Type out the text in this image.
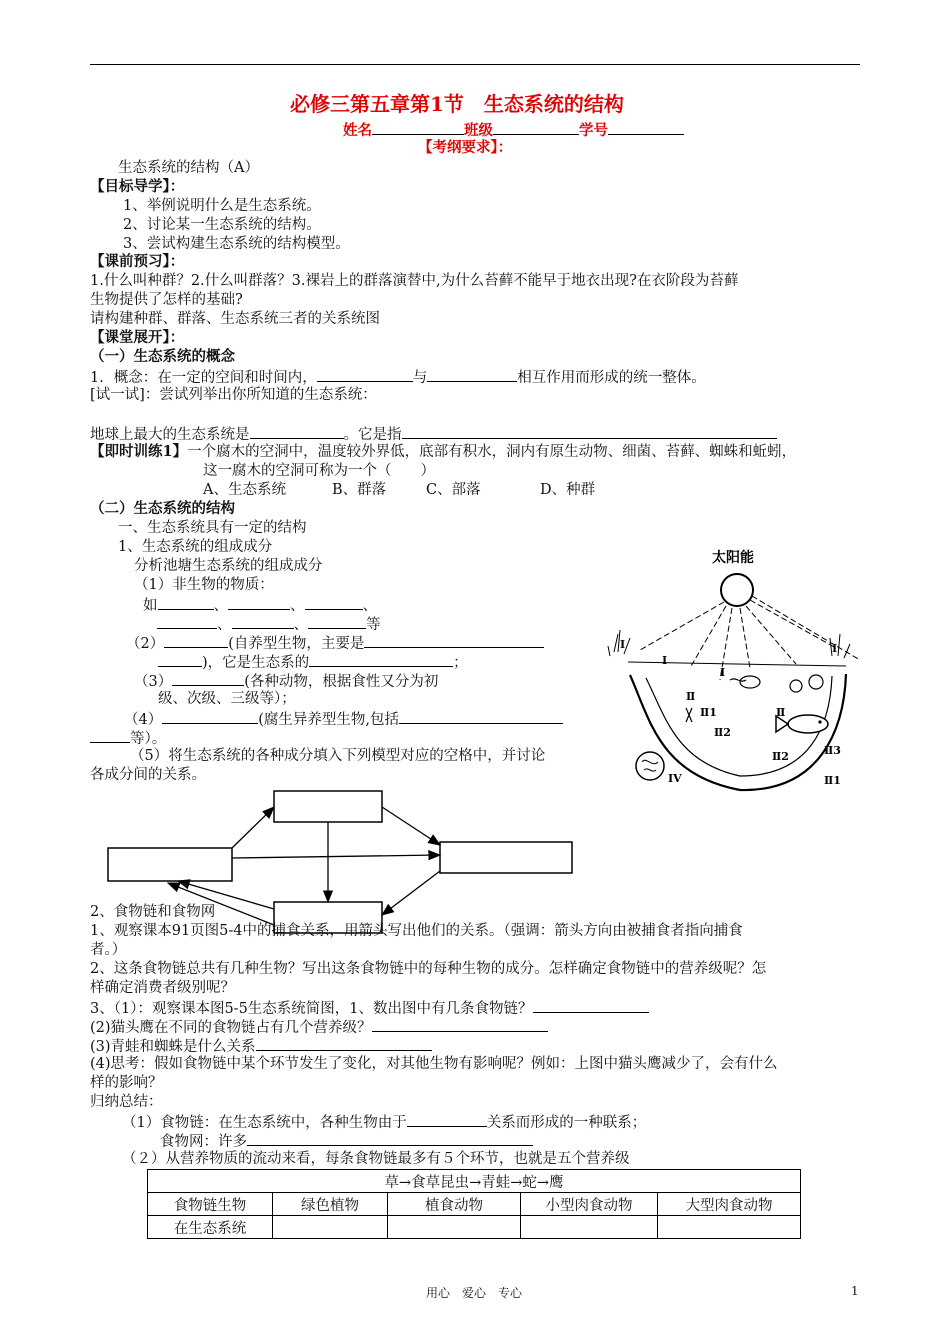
必修三第五章第1节　生态系统的结构
姓名	班级	学号
【考纲要求】：
生态系统的结构（A）
【目标导学】：
1、举例说明什么是生态系统。
2、讨论某一生态系统的结构。
3、尝试构建生态系统的结构模型。
【课前预习】：
1.什么叫种群？2.什么叫群落？3.裸岩上的群落演替中,为什么苔藓不能早于地衣出现?在衣阶段为苔藓
生物提供了怎样的基础?
请构建种群、群落、生态系统三者的关系统图
【课堂展开】：
（一）生态系统的概念
1．概念：在一定的空间和时间内，	与	相互作用而形成的统一整体。
[试一试]：尝试列举出你所知道的生态系统：
地球上最大的生态系统是	。它是指
【即时训练1】一个腐木的空洞中，温度较外界低，底部有积水，洞内有原生动物、细菌、苔藓、蜘蛛和蚯蚓，
这一腐木的空洞可称为一个（　　）
A、生态系统	B、群落	C、部落	D、种群
（二）生态系统的结构
一、生态系统具有一定的结构
1、生态系统的组成成分
分析池塘生态系统的组成成分
（1）非生物的物质：
如	、	、	、
、	、	等
（2）	(自养型生物，主要是
)，它是生态系的	；
（3）	(各种动物，根据食性又分为初
级、次级、三级等）；
（4）	(腐生异养型生物,包括
等）。
（5）将生态系统的各种成分填入下列模型对应的空格中，并讨论
各成分间的关系。
太阳能
Ⅰ
Ⅰ
Ⅰ
Ⅰ
Ⅱ
Ⅱ1
Ⅱ2
Ⅱ2	Ⅱ3
Ⅱ1
Ⅱ
ⅠⅤ
2、食物链和食物网
1、观察课本91页图5-4中的捕食关系，用箭头写出他们的关系。（强调：箭头方向由被捕食者指向捕食
者。）
2、这条食物链总共有几种生物？写出这条食物链中的每种生物的成分。怎样确定食物链中的营养级呢？怎
样确定消费者级别呢？
3、（1）：观察课本图5-5生态系统简图，1、数出图中有几条食物链？
(2)猫头鹰在不同的食物链占有几个营养级？
(3)青蛙和蜘蛛是什么关系
(4)思考：假如食物链中某个环节发生了变化，对其他生物有影响呢？例如：上图中猫头鹰减少了，会有什么
样的影响？
归纳总结：
（1）食物链：在生态系统中，各种生物由于	关系而形成的一种联系；
食物网：许多
（２）从营养物质的流动来看，每条食物链最多有５个环节，也就是五个营养级
草→食草昆虫→青蛙→蛇→鹰				
食物链生物	绿色植物	植食动物	小型肉食动物	大型肉食动物
在生态系统				
用心　爱心　专心	1
